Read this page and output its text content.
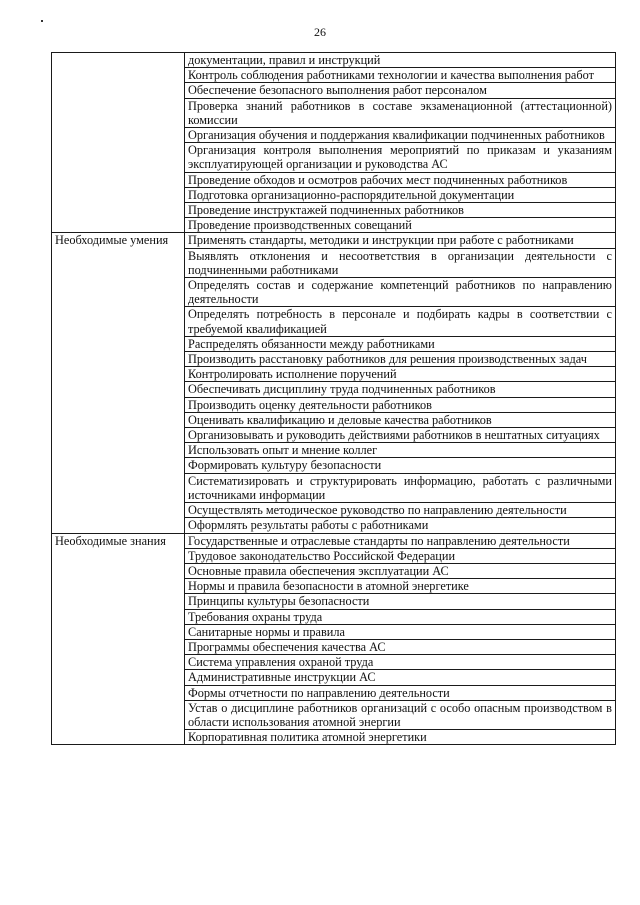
26
	документации, правил и инструкций
	Контроль соблюдения работниками технологии и качества выполнения работ
	Обеспечение безопасного выполнения работ персоналом
	Проверка знаний работников в составе экзаменационной (аттестационной) комиссии
	Организация обучения и поддержания квалификации подчиненных работников
	Организация контроля выполнения мероприятий по приказам и указаниям эксплуатирующей организации и руководства АС
	Проведение обходов и осмотров рабочих мест подчиненных работников
	Подготовка организационно-распорядительной документации
	Проведение инструктажей подчиненных работников
	Проведение производственных совещаний
Необходимые умения	Применять стандарты, методики и инструкции при работе с работниками
	Выявлять отклонения и несоответствия в организации деятельности с подчиненными работниками
	Определять состав и содержание компетенций работников по направлению деятельности
	Определять потребность в персонале и подбирать кадры в соответствии с требуемой квалификацией
	Распределять обязанности между работниками
	Производить расстановку работников для решения производственных задач
	Контролировать исполнение поручений
	Обеспечивать дисциплину труда подчиненных работников
	Производить оценку деятельности работников
	Оценивать квалификацию и деловые качества работников
	Организовывать и руководить действиями работников в нештатных ситуациях
	Использовать опыт и мнение коллег
	Формировать культуру безопасности
	Систематизировать и структурировать информацию, работать с различными источниками информации
	Осуществлять методическое руководство по направлению деятельности
	Оформлять результаты работы с работниками
Необходимые знания	Государственные и отраслевые стандарты по направлению деятельности
	Трудовое законодательство Российской Федерации
	Основные правила обеспечения эксплуатации АС
	Нормы и правила безопасности в атомной энергетике
	Принципы культуры безопасности
	Требования охраны труда
	Санитарные нормы и правила
	Программы обеспечения качества АС
	Система управления охраной труда
	Административные инструкции АС
	Формы отчетности по направлению деятельности
	Устав о дисциплине работников организаций с особо опасным производством в области использования атомной энергии
	Корпоративная политика атомной энергетики
